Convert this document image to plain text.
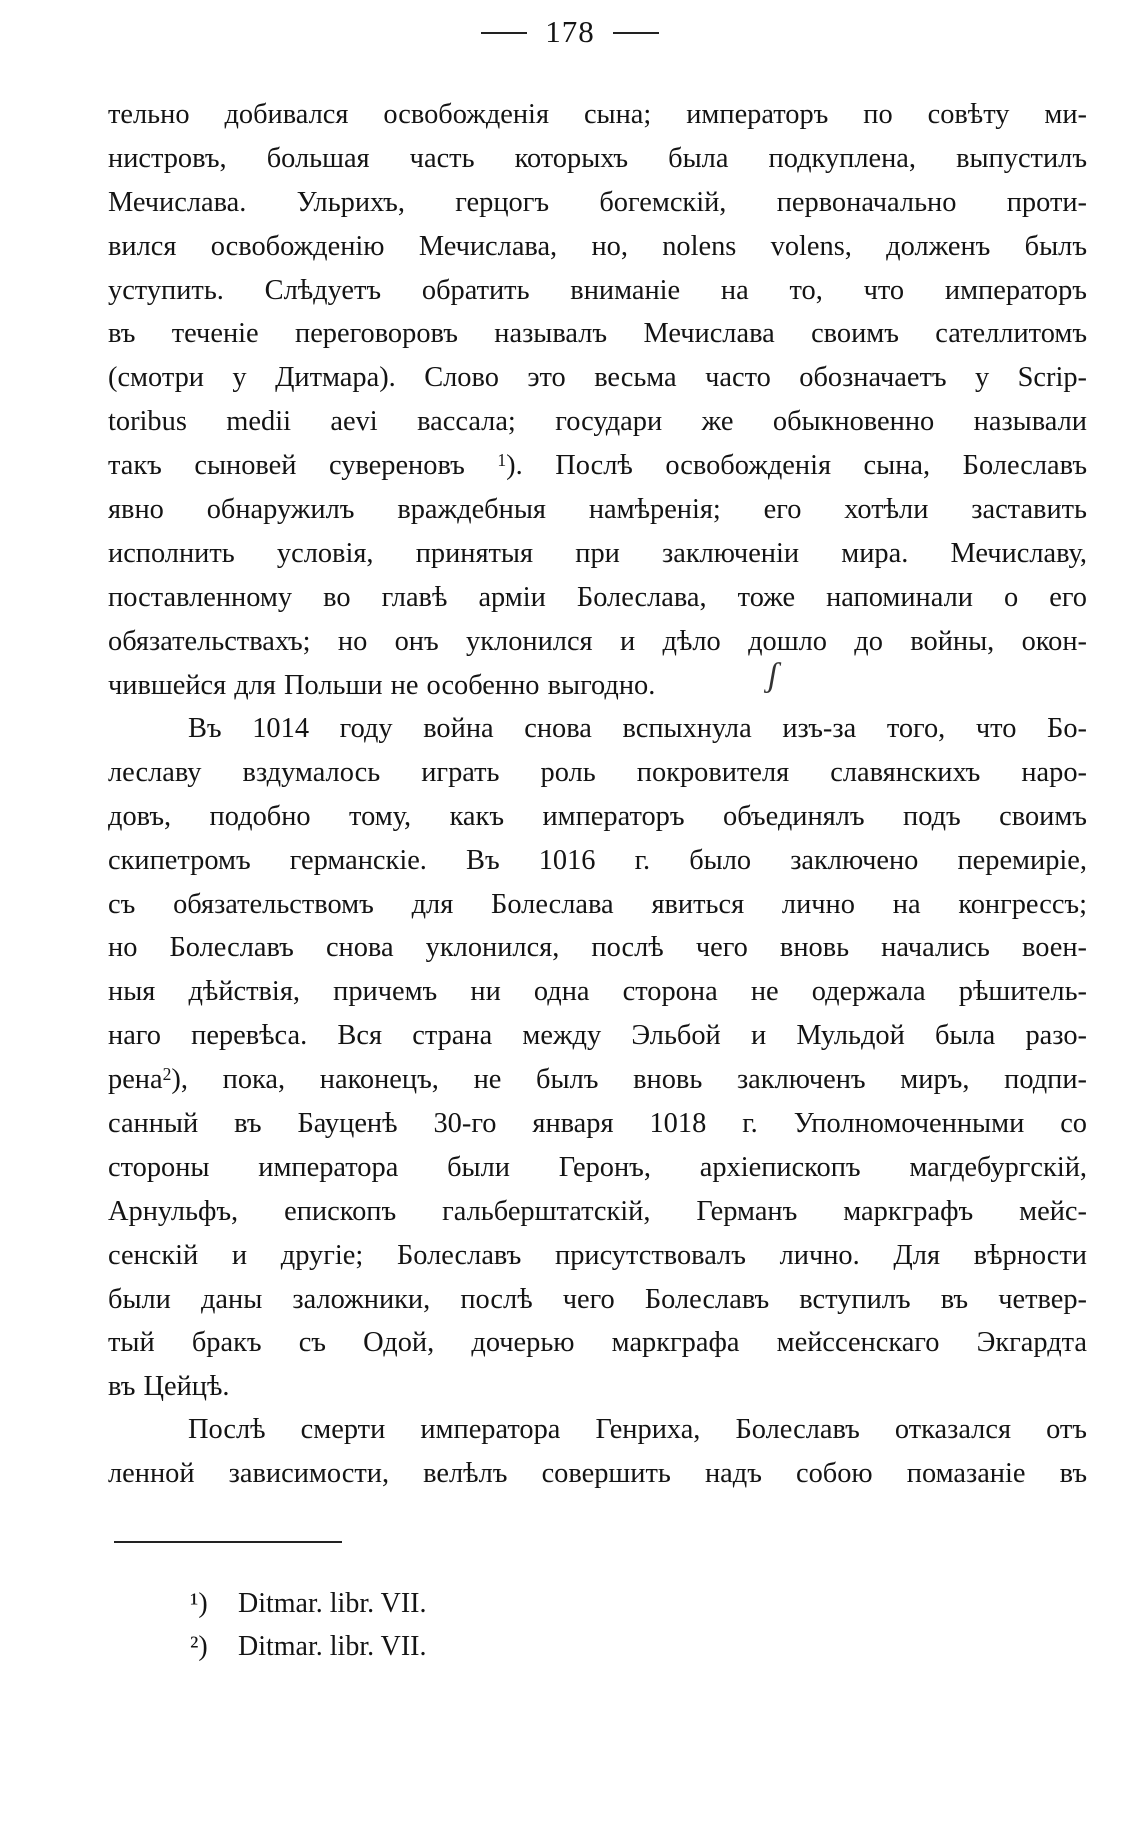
178
тельно добивался освобожденія сына; императоръ по совѣту ми-
нистровъ, большая часть которыхъ была подкуплена, выпустилъ
Мечислава. Ульрихъ, герцогъ богемскій, первоначально проти-
вился освобожденію Мечислава, но, nolens volens, долженъ былъ
уступить. Слѣдуетъ обратить вниманіе на то, что императоръ
въ теченіе переговоровъ называлъ Мечислава своимъ сателлитомъ
(смотри у Дитмара). Слово это весьма часто обозначаетъ у Scrip-
toribus medii aevi вассала; государи же обыкновенно называли
такъ сыновей суверeновъ $^1$). Послѣ освобожденія сына, Болеславъ
явно обнаружилъ враждебныя намѣренія; его хотѣли заставить
исполнить условія, принятыя при заключеніи мира. Мечиславу,
поставленному во главѣ арміи Болеслава, тоже напоминали о его
обязательствахъ; но онъ уклонился и дѣло дошло до войны, окон-
чившейся для Польши не особенно выгодно.	ʃ
Въ 1014 году война снова вспыхнула изъ-за того, что Бо-
леславу вздумалось играть роль покровителя славянскихъ наро-
довъ, подобно тому, какъ императоръ объединялъ подъ своимъ
скипетромъ германскіе. Въ 1016 г. было заключено перемиріе,
съ обязательствомъ для Болеслава явиться лично на конгрессъ;
но Болеславъ снова уклонился, послѣ чего вновь начались воен-
ныя дѣйствія, причемъ ни одна сторона не одержала рѣшитель-
наго перевѣса. Вся страна между Эльбой и Мульдой была разо-
рена$^2$), пока, наконецъ, не былъ вновь заключенъ миръ, подпи-
санный въ Бауценѣ 30-го января 1018 г. Уполномоченными со
стороны императора были Геронъ, архіепископъ магдебургскій,
Арнульфъ, епископъ гальберштатскій, Германъ маркграфъ мейс-
сенскій и другіе; Болеславъ присутствовалъ лично. Для вѣрности
были даны заложники, послѣ чего Болеславъ вступилъ въ четвер-
тый бракъ съ Одой, дочерью маркграфа мейссенскаго Экгардта
въ Цейцѣ.
Послѣ смерти императора Генриха, Болеславъ отказался отъ
ленной зависимости, велѣлъ совершить надъ собою помазаніе въ
¹) Ditmar. libr. VII.
²) Ditmar. libr. VII.
